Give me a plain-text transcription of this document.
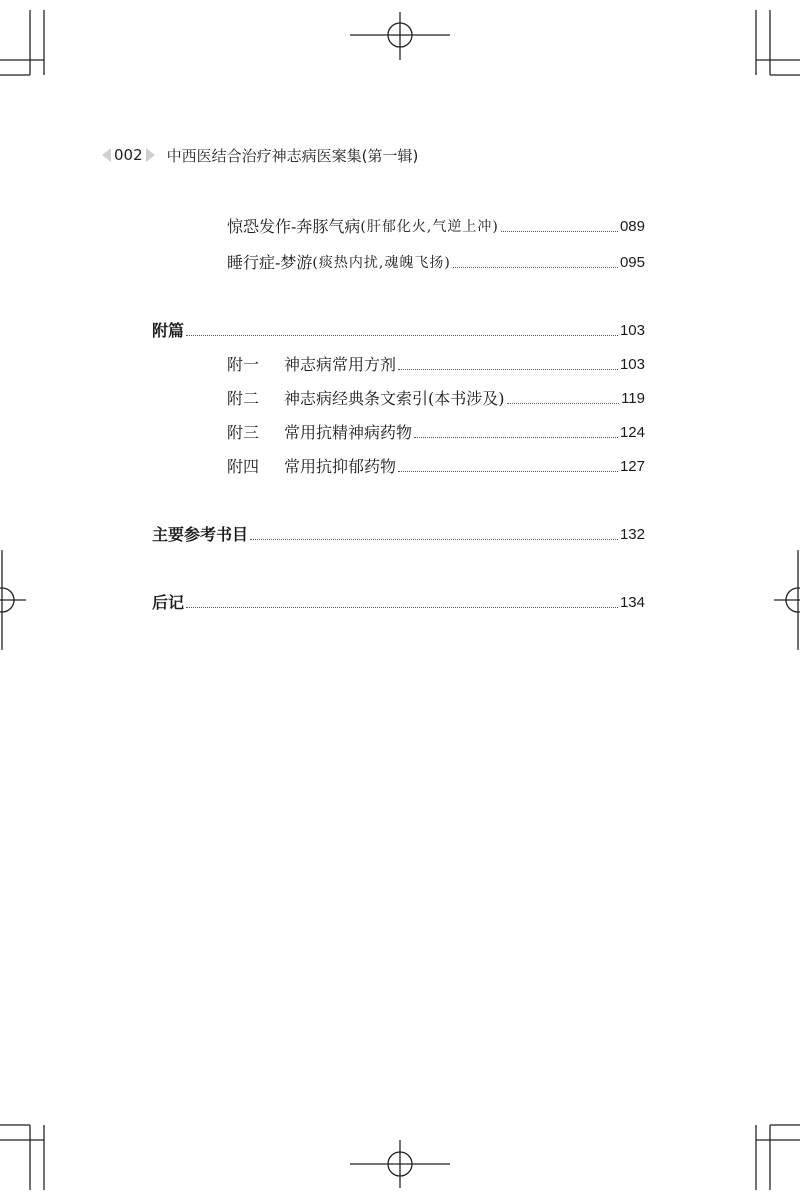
002 中西医结合治疗神志病医案集(第一辑)
惊恐发作-奔豚气病 (肝郁化火,气逆上冲)	089
睡行症-梦游 (痰热内扰,魂魄飞扬)	095
附篇	103
附一	神志病常用方剂	103
附二	神志病经典条文索引(本书涉及)	119
附三	常用抗精神病药物	124
附四	常用抗抑郁药物	127
主要参考书目	132
后记	134
